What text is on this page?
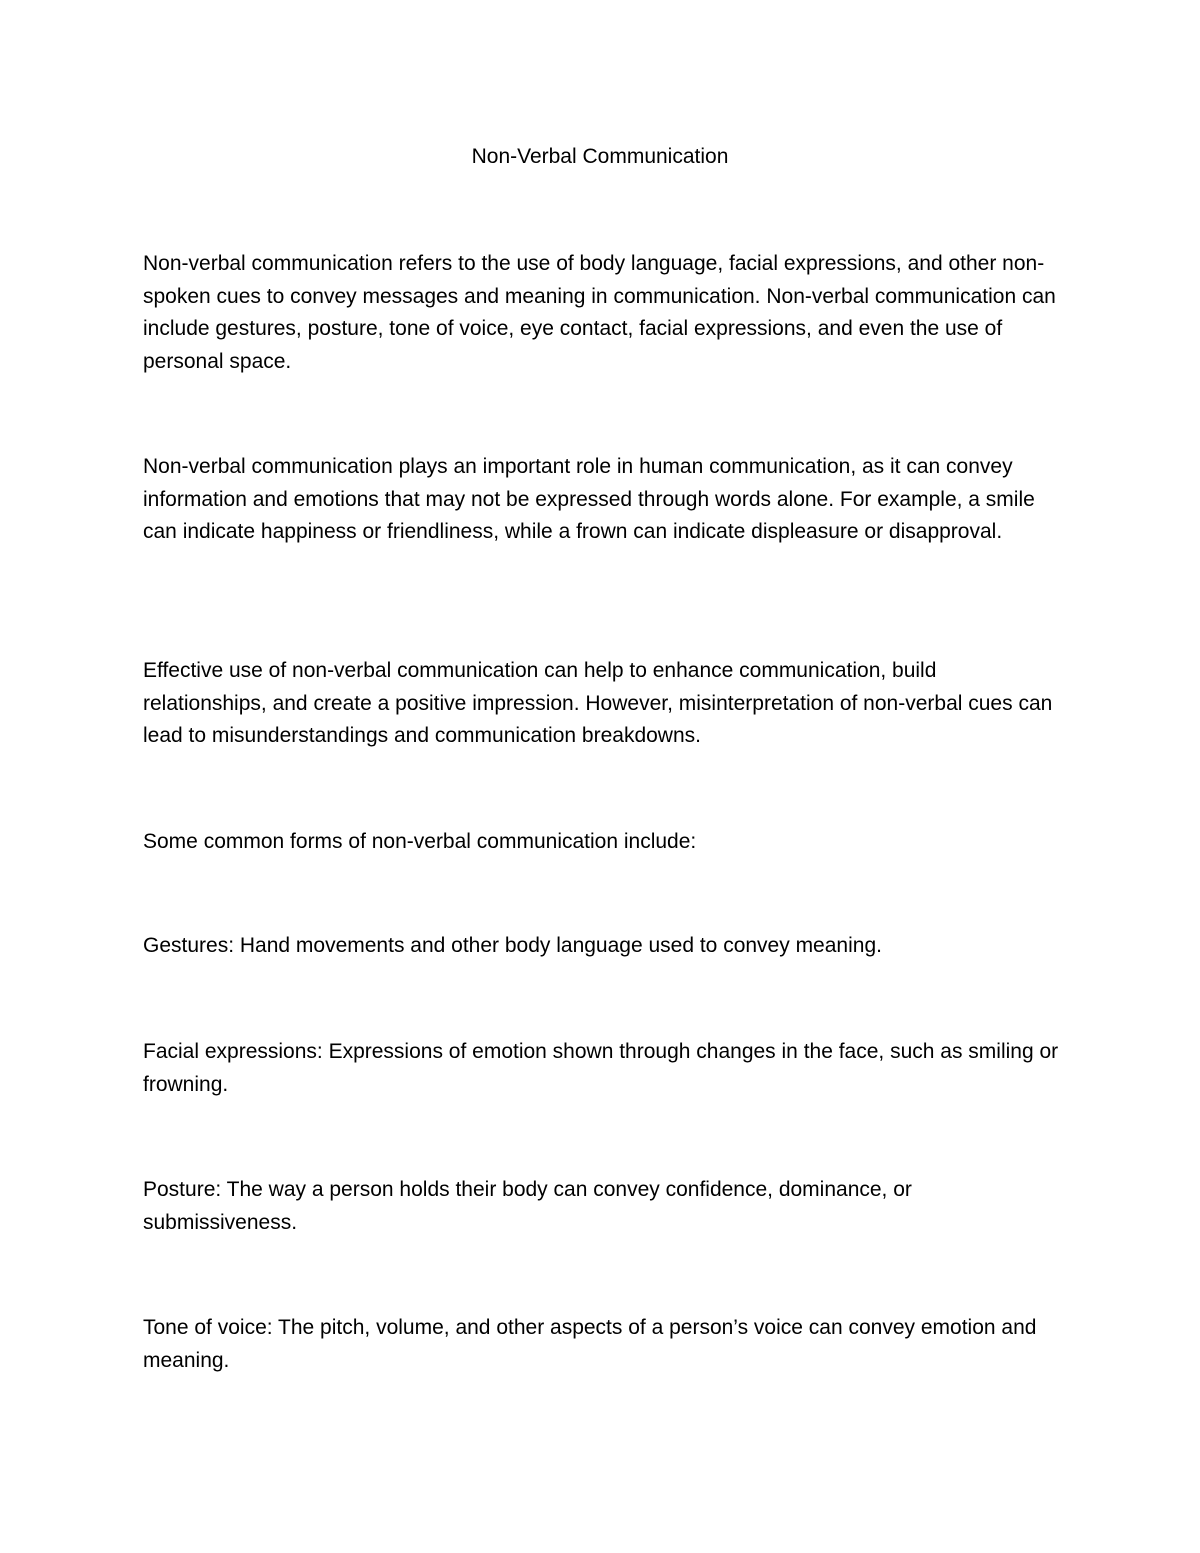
Non-Verbal Communication

Non-verbal communication refers to the use of body language, facial expressions, and other non-spoken cues to convey messages and meaning in communication. Non-verbal communication can include gestures, posture, tone of voice, eye contact, facial expressions, and even the use of personal space.

Non-verbal communication plays an important role in human communication, as it can convey information and emotions that may not be expressed through words alone. For example, a smile can indicate happiness or friendliness, while a frown can indicate displeasure or disapproval.

Effective use of non-verbal communication can help to enhance communication, build relationships, and create a positive impression. However, misinterpretation of non-verbal cues can lead to misunderstandings and communication breakdowns.

Some common forms of non-verbal communication include:

Gestures: Hand movements and other body language used to convey meaning.

Facial expressions: Expressions of emotion shown through changes in the face, such as smiling or frowning.

Posture: The way a person holds their body can convey confidence, dominance, or submissiveness.

Tone of voice: The pitch, volume, and other aspects of a person’s voice can convey emotion and meaning.
